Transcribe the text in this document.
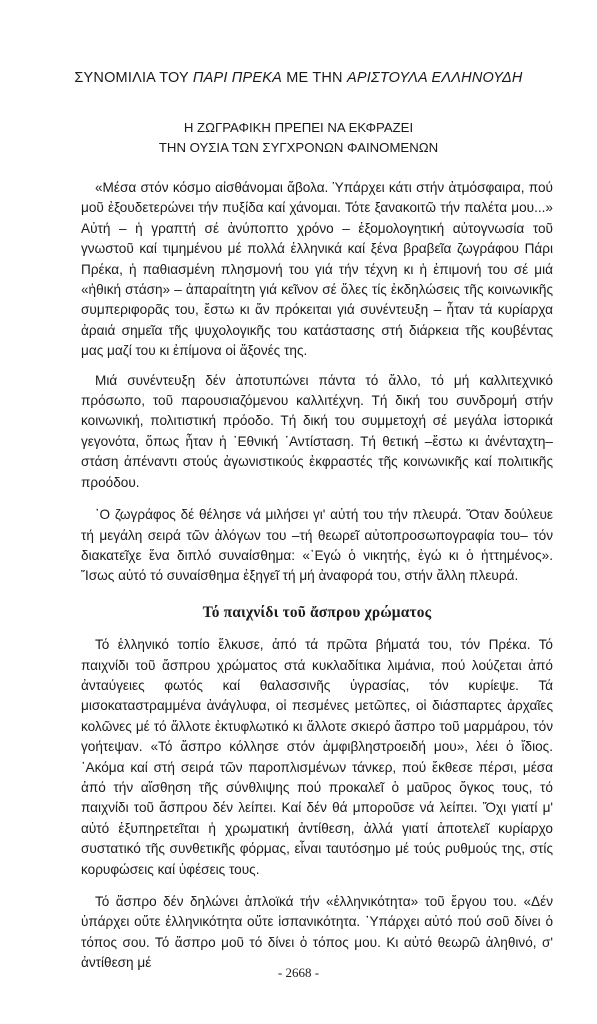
ΣΥΝΟΜΙΛΙΑ ΤΟΥ ΠΑΡΙ ΠΡΕΚΑ ΜΕ ΤΗΝ ΑΡΙΣΤΟΥΛΑ ΕΛΛΗΝΟΥΔΗ
Η ΖΩΓΡΑΦΙΚΗ ΠΡΕΠΕΙ ΝΑ ΕΚΦΡΑΖΕΙ
ΤΗΝ ΟΥΣΙΑ ΤΩΝ ΣΥΓΧΡΟΝΩΝ ΦΑΙΝΟΜΕΝΩΝ

«Μέσα στόν κόσμο αἰσθάνομαι ἄβολα. Ὑπάρχει κάτι στήν ἀτμόσφαιρα, πού μοῦ ἐξουδετερώνει τήν πυξίδα καί χάνομαι. Τότε ξανακοιτῶ τήν παλέτα μου...» Αὐτή – ἡ γραπτή σέ ἀνύποπτο χρόνο – ἐξομολογητική αὐτογνωσία τοῦ γνωστοῦ καί τιμημένου μέ πολλά ἑλληνικά καί ξένα βραβεῖα ζωγράφου Πάρι Πρέκα, ἡ παθιασμένη πλησμονή του γιά τήν τέχνη κι ἡ ἐπιμονή του σέ μιά «ἠθική στάση» – ἀπαραίτητη γιά κεῖνον σέ ὅλες τίς ἐκδηλώσεις τῆς κοινωνικῆς συμπεριφορᾶς του, ἔστω κι ἄν πρόκειται γιά συνέντευξη – ἦταν τά κυρίαρχα ἀραιά σημεῖα τῆς ψυχολογικῆς του κατάστασης στή διάρκεια τῆς κουβέντας μας μαζί του κι ἐπίμονα οἱ ἄξονές της.

Μιά συνέντευξη δέν ἀποτυπώνει πάντα τό ἄλλο, τό μή καλλιτεχνικό πρόσωπο, τοῦ παρουσιαζόμενου καλλιτέχνη. Τή δική του συνδρομή στήν κοινωνική, πολιτιστική πρόοδο. Τή δική του συμμετοχή σέ μεγάλα ἱστορικά γεγονότα, ὅπως ἦταν ἡ ᾿Εθνική ᾿Αντίσταση. Τή θετική –ἔστω κι ἀνένταχτη– στάση ἀπέναντι στούς ἀγωνιστικούς ἐκφραστές τῆς κοινωνικῆς καί πολιτικῆς προόδου.

῾Ο ζωγράφος δέ θέλησε νά μιλήσει γι' αὐτή του τήν πλευρά. Ὅταν δούλευε τή μεγάλη σειρά τῶν ἀλόγων του –τή θεωρεῖ αὐτοπροσωπογραφία του– τόν διακατεῖχε ἕνα διπλό συναίσθημα: «᾿Εγώ ὁ νικητής, ἐγώ κι ὁ ἡττημένος». Ἴσως αὐτό τό συναίσθημα ἐξηγεῖ τή μή ἀναφορά του, στήν ἄλλη πλευρά.

Τό παιχνίδι τοῦ ἄσπρου χρώματος

Τό ἑλληνικό τοπίο ἕλκυσε, ἀπό τά πρῶτα βήματά του, τόν Πρέκα. Τό παιχνίδι τοῦ ἄσπρου χρώματος στά κυκλαδίτικα λιμάνια, πού λούζεται ἀπό ἀνταύγειες φωτός καί θαλασσινῆς ὑγρασίας, τόν κυρίεψε. Τά μισοκαταστραμμένα ἀνάγλυφα, οἱ πεσμένες μετῶπες, οἱ διάσπαρτες ἀρχαῖες κολῶνες μέ τό ἄλλοτε ἐκτυφλωτικό κι ἄλλοτε σκιερό ἄσπρο τοῦ μαρμάρου, τόν γοήτεψαν. «Τό ἄσπρο κόλλησε στόν ἀμφιβληστροειδή μου», λέει ὁ ἴδιος. ᾿Ακόμα καί στή σειρά τῶν παροπλισμένων τάνκερ, πού ἔκθεσε πέρσι, μέσα ἀπό τήν αἴσθηση τῆς σύνθλιψης πού προκαλεῖ ὁ μαῦρος ὄγκος τους, τό παιχνίδι τοῦ ἄσπρου δέν λείπει. Καί δέν θά μποροῦσε νά λείπει. Ὄχι γιατί μ' αὐτό ἐξυπηρετεῖται ἡ χρωματική ἀντίθεση, ἀλλά γιατί ἀποτελεῖ κυρίαρχο συστατικό τῆς συνθετικῆς φόρμας, εἶναι ταυτόσημο μέ τούς ρυθμούς της, στίς κορυφώσεις καί ὑφέσεις τους.

Τό ἄσπρο δέν δηλώνει ἁπλοϊκά τήν «ἑλληνικότητα» τοῦ ἔργου του. «Δέν ὑπάρχει οὔτε ἑλληνικότητα οὔτε ἱσπανικότητα. ᾿Υπάρχει αὐτό πού σοῦ δίνει ὁ τόπος σου. Τό ἄσπρο μοῦ τό δίνει ὁ τόπος μου. Κι αὐτό θεωρῶ ἀληθινό, σ' ἀντίθεση μέ

- 2668 -
